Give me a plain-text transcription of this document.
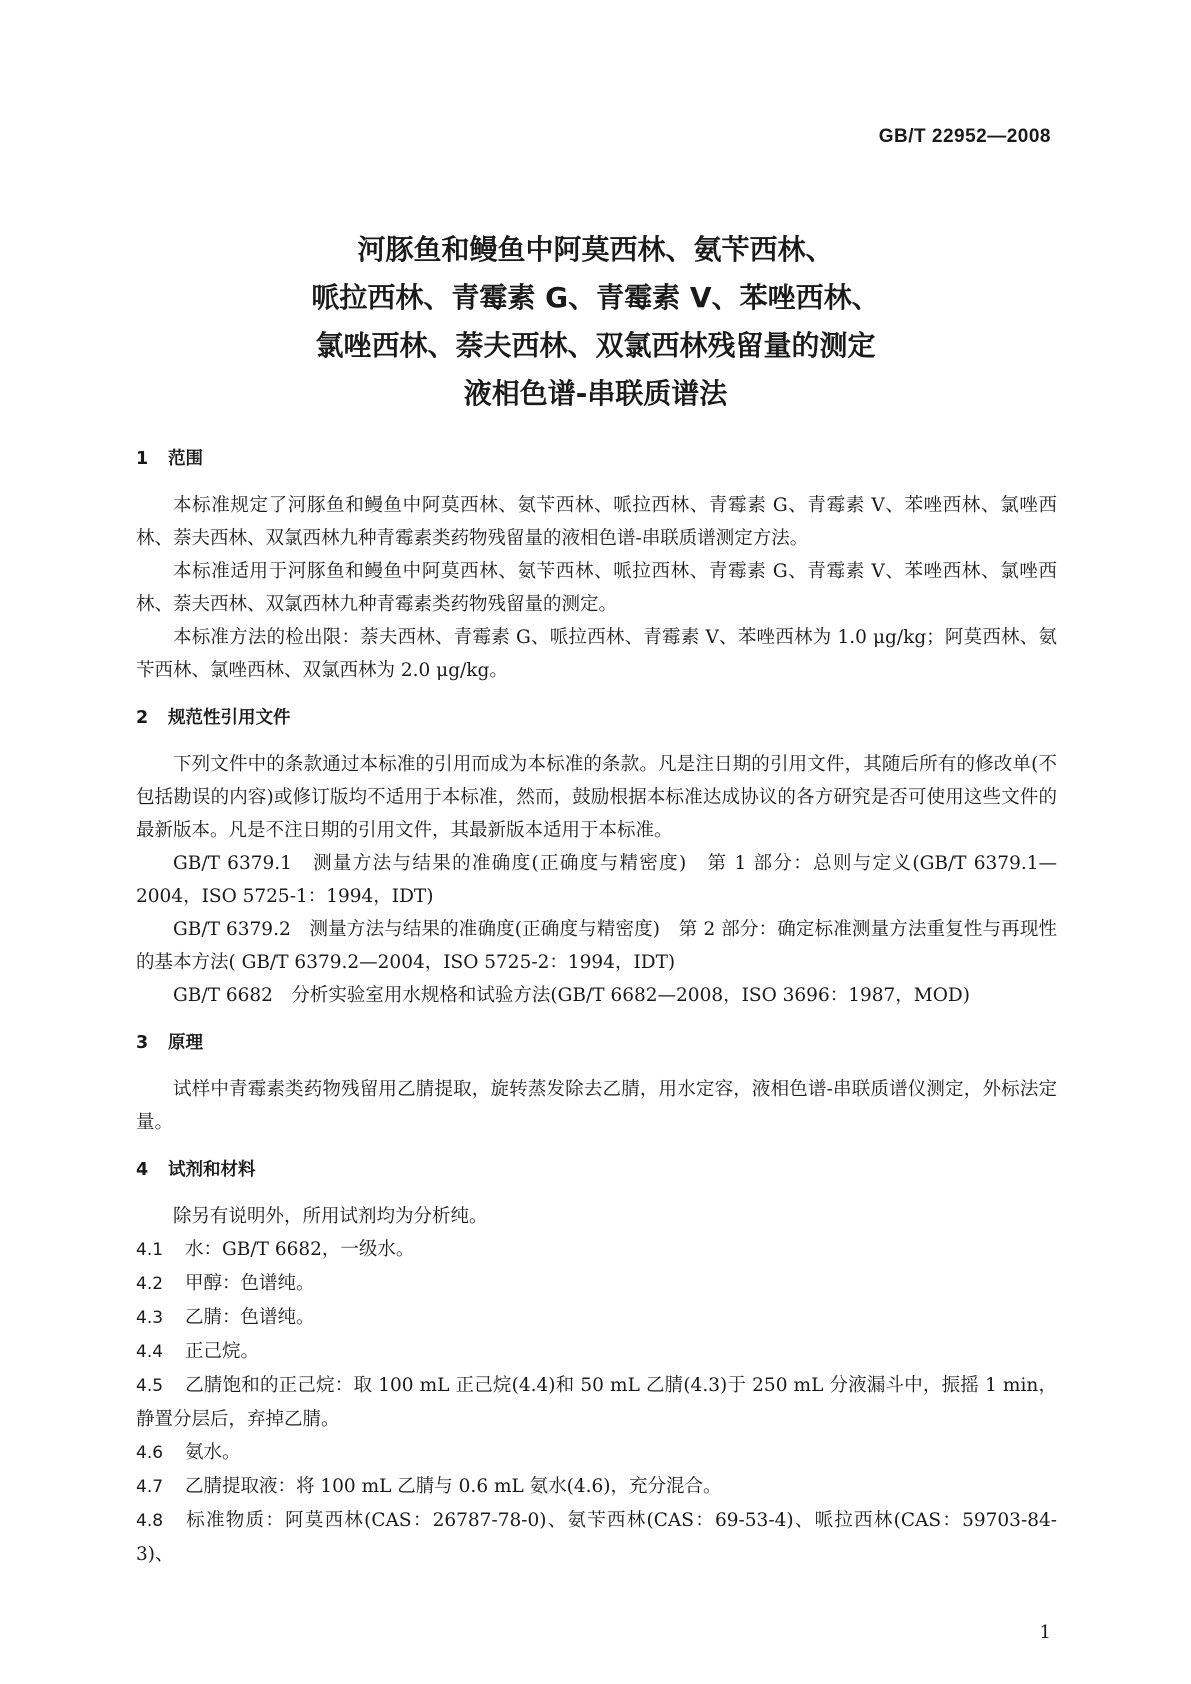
GB/T 22952—2008
河豚鱼和鳗鱼中阿莫西林、氨苄西林、
哌拉西林、青霉素 G、青霉素 V、苯唑西林、
氯唑西林、萘夫西林、双氯西林残留量的测定
液相色谱-串联质谱法
1 范围

本标准规定了河豚鱼和鳗鱼中阿莫西林、氨苄西林、哌拉西林、青霉素 G、青霉素 V、苯唑西林、氯唑西林、萘夫西林、双氯西林九种青霉素类药物残留量的液相色谱-串联质谱测定方法。

本标准适用于河豚鱼和鳗鱼中阿莫西林、氨苄西林、哌拉西林、青霉素 G、青霉素 V、苯唑西林、氯唑西林、萘夫西林、双氯西林九种青霉素类药物残留量的测定。

本标准方法的检出限：萘夫西林、青霉素 G、哌拉西林、青霉素 V、苯唑西林为 1.0 μg/kg；阿莫西林、氨苄西林、氯唑西林、双氯西林为 2.0 μg/kg。

2 规范性引用文件

下列文件中的条款通过本标准的引用而成为本标准的条款。凡是注日期的引用文件，其随后所有的修改单(不包括勘误的内容)或修订版均不适用于本标准，然而，鼓励根据本标准达成协议的各方研究是否可使用这些文件的最新版本。凡是不注日期的引用文件，其最新版本适用于本标准。

GB/T 6379.1　测量方法与结果的准确度(正确度与精密度)　第 1 部分：总则与定义(GB/T 6379.1—2004，ISO 5725-1：1994，IDT)

GB/T 6379.2　测量方法与结果的准确度(正确度与精密度)　第 2 部分：确定标准测量方法重复性与再现性的基本方法( GB/T 6379.2—2004，ISO 5725-2：1994，IDT)

GB/T 6682　分析实验室用水规格和试验方法(GB/T 6682—2008，ISO 3696：1987，MOD)

3 原理

试样中青霉素类药物残留用乙腈提取，旋转蒸发除去乙腈，用水定容，液相色谱-串联质谱仪测定，外标法定量。

4 试剂和材料

除另有说明外，所用试剂均为分析纯。

4.1 水：GB/T 6682，一级水。

4.2 甲醇：色谱纯。

4.3 乙腈：色谱纯。

4.4 正己烷。

4.5 乙腈饱和的正己烷：取 100 mL 正己烷(4.4)和 50 mL 乙腈(4.3)于 250 mL 分液漏斗中，振摇 1 min，静置分层后，弃掉乙腈。

4.6 氨水。

4.7 乙腈提取液：将 100 mL 乙腈与 0.6 mL 氨水(4.6)，充分混合。

4.8 标准物质：阿莫西林(CAS：26787-78-0)、氨苄西林(CAS：69-53-4)、哌拉西林(CAS：59703-84-3)、

1
